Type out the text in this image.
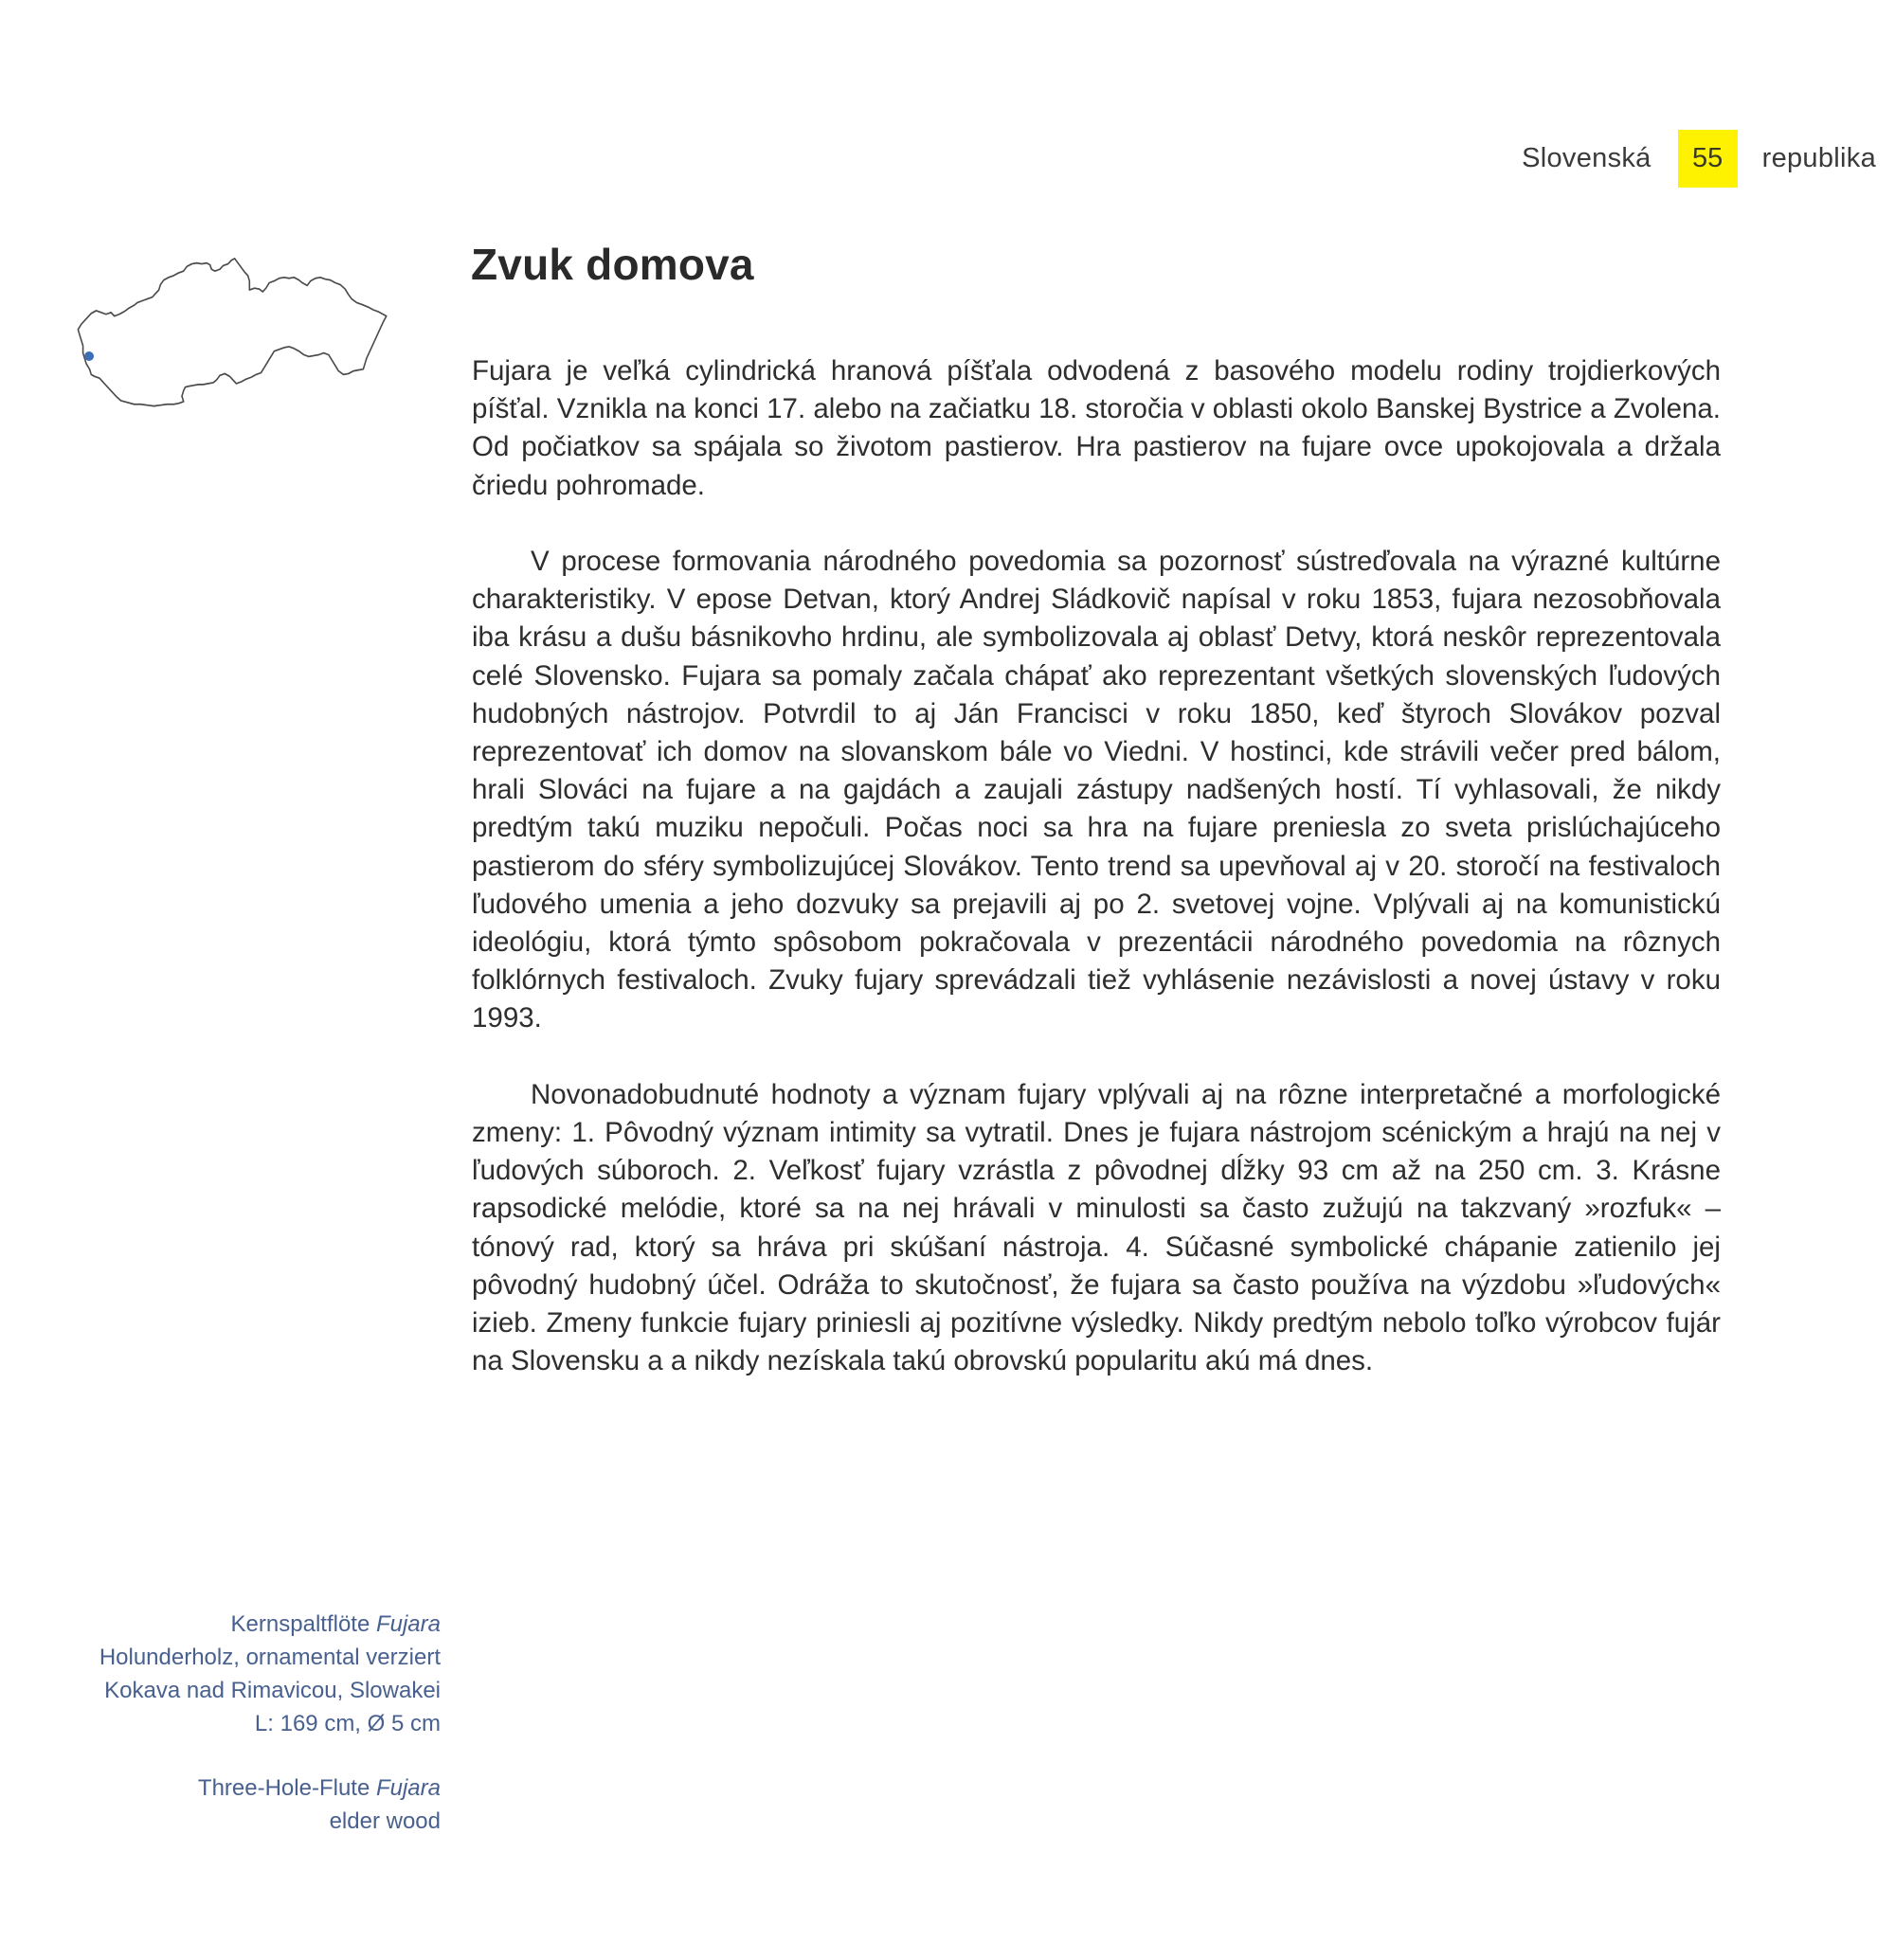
Slovenská	55	republika
Zvuk domova

Fujara je veľká cylindrická hranová píšťala odvodená z basového modelu rodiny trojdierkových píšťal. Vznikla na konci 17. alebo na začiatku 18. storočia v oblasti okolo Banskej Bystrice a Zvolena. Od počiatkov sa spájala so životom pastierov. Hra pastierov na fujare ovce upokojovala a držala čriedu pohromade.

V procese formovania národného povedomia sa pozornosť sústreďovala na výrazné kultúrne charakteristiky. V epose Detvan, ktorý Andrej Sládkovič napísal v roku 1853, fujara nezosobňovala iba krásu a dušu básnikovho hrdinu, ale symbolizovala aj oblasť Detvy, ktorá neskôr reprezentovala celé Slovensko. Fujara sa pomaly začala chápať ako reprezentant všetkých slovenských ľudových hudobných nástrojov. Potvrdil to aj Ján Francisci v roku 1850, keď štyroch Slovákov pozval reprezentovať ich domov na slovanskom bále vo Viedni. V hostinci, kde strávili večer pred bálom, hrali Slováci na fujare a na gajdách a zaujali zástupy nadšených hostí. Tí vyhlasovali, že nikdy predtým takú muziku nepočuli. Počas noci sa hra na fujare preniesla zo sveta prislúchajúceho pastierom do sféry symbolizujúcej Slovákov. Tento trend sa upevňoval aj v 20. storočí na festivaloch ľudového umenia a jeho dozvuky sa prejavili aj po 2. svetovej vojne. Vplývali aj na komunistickú ideológiu, ktorá týmto spôsobom pokračovala v prezentácii národného povedomia na rôznych folklórnych festivaloch. Zvuky fujary sprevádzali tiež vyhlásenie nezávislosti a novej ústavy v roku 1993.

Novonadobudnuté hodnoty a význam fujary vplývali aj na rôzne interpretačné a morfologické zmeny: 1. Pôvodný význam intimity sa vytratil. Dnes je fujara nástrojom scénickým a hrajú na nej v ľudových súboroch. 2. Veľkosť fujary vzrástla z pôvodnej dĺžky 93 cm až na 250 cm. 3. Krásne rapsodické melódie, ktoré sa na nej hrávali v minulosti sa často zužujú na takzvaný »rozfuk« – tónový rad, ktorý sa hráva pri skúšaní nástroja. 4. Súčasné symbolické chápanie zatienilo jej pôvodný hudobný účel. Odráža to skutočnosť, že fujara sa často používa na výzdobu »ľudových« izieb. Zmeny funkcie fujary priniesli aj pozitívne výsledky. Nikdy predtým nebolo toľko výrobcov fujár na Slovensku a a nikdy nezískala takú obrovskú popularitu akú má dnes.

Kernspaltflöte Fujara
Holunderholz, ornamental verziert
Kokava nad Rimavicou, Slowakei
L: 169 cm, Ø 5 cm
Three-Hole-Flute Fujara
elder wood
